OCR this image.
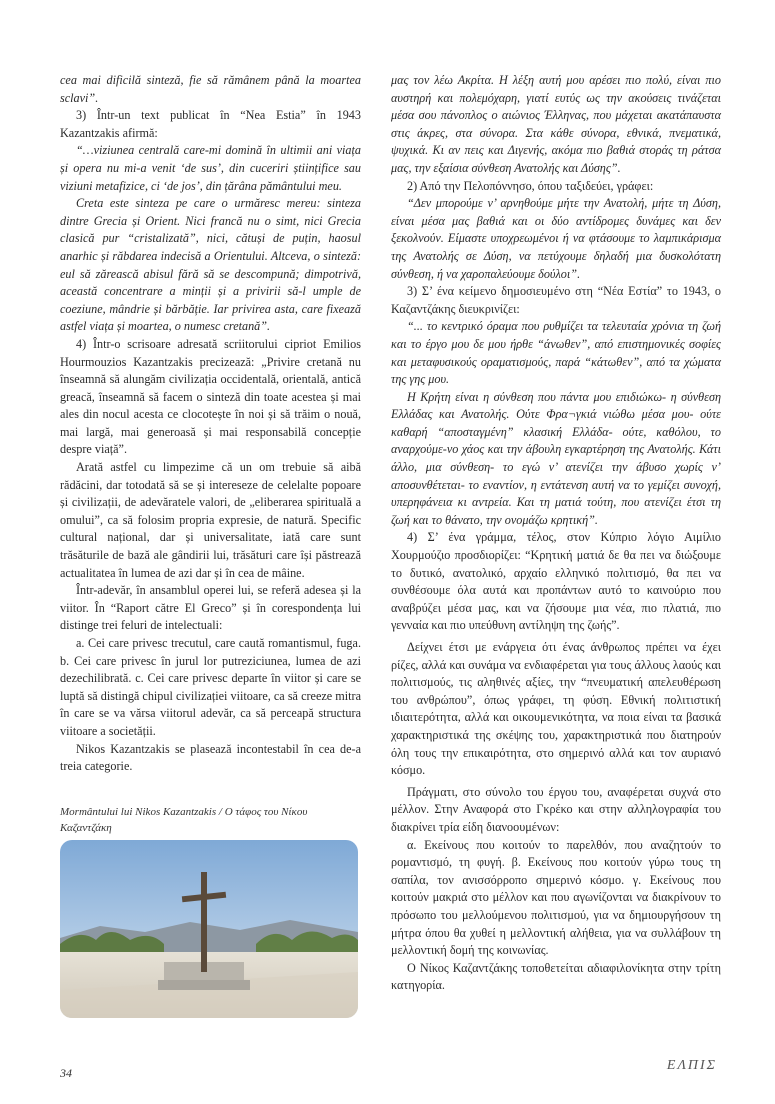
cea mai dificilă sinteză, fie să rămânem până la moartea sclavi”.

3) Într-un text publicat în “Nea Estia” în 1943 Kazantzakis afirmă:

“…viziunea centrală care-mi domină în ultimii ani viața și opera nu mi-a venit ‘de sus’, din cuceriri științifice sau viziuni metafizice, ci ‘de jos’, din țărâna pământului meu.

Creta este sinteza pe care o urmăresc mereu: sinteza dintre Grecia și Orient. Nici francă nu o simt, nici Grecia clasică pur “cristalizată”, nici, cătuși de puțin, haosul anarhic și răbdarea indecisă a Orientului. Altceva, o sinteză: eul să zărească abisul fără să se descompună; dimpotrivă, această concentrare a minții și a privirii să-l umple de coeziune, mândrie și bărbăție. Iar privirea asta, care fixează astfel viața și moartea, o numesc cretană”.

4) Într-o scrisoare adresată scriitorului cipriot Emilios Hourmouzios Kazantzakis precizează: „Privire cretană nu înseamnă să alungăm civilizația occidentală, orientală, antică greacă, înseamnă să facem o sinteză din toate acestea și mai ales din nocul acesta ce clocotește în noi și să trăim o nouă, mai largă, mai generoasă și mai responsabilă concepție despre viață”.

Arată astfel cu limpezime că un om trebuie să aibă rădăcini, dar totodată să se și intereseze de celelalte popoare și civilizații, de adevăratele valori, de „eliberarea spirituală a omului”, ca să folosim propria expresie, de natură. Specific cultural național, dar și universalitate, iată care sunt trăsăturile de bază ale gândirii lui, trăsături care își păstrează actualitatea în lumea de azi dar și în cea de mâine.

Într-adevăr, în ansamblul operei lui, se referă adesea și la viitor. În “Raport către El Greco” și în corespondența lui distinge trei feluri de intelectuali:

a. Cei care privesc trecutul, care caută romantismul, fuga. b. Cei care privesc în jurul lor putreziciunea, lumea de azi dezechilibrată. c. Cei care privesc departe în viitor și care se luptă să distingă chipul civilizației viitoare, ca să creeze mitra în care se va vărsa viitorul adevăr, ca să perceapă structura viitoare a societății.

Nikos Kazantzakis se plasează incontestabil în cea de-a treia categorie.

Mormântului lui Nikos Kazantzakis / Ο τάφος του Νίκου Καζαντζάκη

μας τον λέω Ακρίτα. Η λέξη αυτή μου αρέσει πιο πολύ, είναι πιο αυστηρή και πολεμόχαρη, γιατί ευτύς ως την ακούσεις τινάζεται μέσα σου πάνοπλος ο αιώνιος Έλληνας, που μάχεται ακατάπαυστα στις άκρες, στα σύνορα. Στα κάθε σύνορα, εθνικά, πνεματικά, ψυχικά. Κι αν πεις και Διγενής, ακόμα πιο βαθιά στοράς τη ράτσα μας, την εξαίσια σύνθεση Ανατολής και Δύσης”.

2) Από την Πελοπόννησο, όπου ταξιδεύει, γράφει:

“Δεν μπορούμε ν’ αρνηθούμε μήτε την Ανατολή, μήτε τη Δύση, είναι μέσα μας βαθιά και οι δύο αντίδρομες δυνάμες και δεν ξεκολνούν. Είμαστε υποχρεωμένοι ή να φτάσουμε το λαμπικάρισμα της Ανατολής σε Δύση, να πετύχουμε δηλαδή μια δυσκολότατη σύνθεση, ή να χαροπαλεύουμε δούλοι”.

3) Σ’ ένα κείμενο δημοσιευμένο στη “Νέα Εστία” το 1943, ο Καζαντζάκης διευκρινίζει:

“... το κεντρικό όραμα που ρυθμίζει τα τελευταία χρόνια τη ζωή και το έργο μου δε μου ήρθε “άνωθεν”, από επιστημονικές σοφίες και μεταφυσικούς οραματισμούς, παρά “κάτωθεν”, από τα χώματα της γης μου.

Η Κρήτη είναι η σύνθεση που πάντα μου επιδιώκω- η σύνθεση Ελλάδας και Ανατολής. Ούτε Φρα¬γκιά νιώθω μέσα μου- ούτε καθαρή “αποσταγμένη” κλασική Ελλάδα- ούτε, καθόλου, το αναρχούμε-νο χάος και την άβουλη εγκαρτέρηση της Ανατολής. Κάτι άλλο, μια σύνθεση- το εγώ ν’ ατενίζει την άβυσο χωρίς ν’ αποσυνθέτεται- το εναντίον, η εντάτενση αυτή να το γεμίζει συνοχή, υπερηφάνεια κι αντρεία. Και τη ματιά τούτη, που ατενίζει έτσι τη ζωή και το θάνατο, την ονομάζω κρητική”.

4) Σ’ ένα γράμμα, τέλος, στον Κύπριο λόγιο Αιμίλιο Χουρμούζιο προσδιορίζει: “Κρητική ματιά δε θα πει να διώξουμε το δυτικό, ανατολικό, αρχαίο ελληνικό πολιτισμό, θα πει να συνθέσουμε όλα αυτά και προπάντων αυτό το καινούριο που αναβρύζει μέσα μας, και να ζήσουμε μια νέα, πιο πλατιά, πιο γενναία και πιο υπεύθυνη αντίληψη της ζωής”.

Δείχνει έτσι με ενάργεια ότι ένας άνθρωπος πρέπει να έχει ρίζες, αλλά και συνάμα να ενδιαφέρεται για τους άλλους λαούς και πολιτισμούς, τις αληθινές αξίες, την “πνευματική απελευθέρωση του ανθρώπου”, όπως γράφει, τη φύση. Εθνική πολιτιστική ιδιαιτερότητα, αλλά και οικουμενικότητα, να ποια είναι τα βασικά χαρακτηριστικά της σκέψης του, χαρακτηριστικά που διατηρούν όλη τους την επικαιρότητα, στο σημερινό αλλά και τον αυριανό κόσμο.

Πράγματι, στο σύνολο του έργου του, αναφέρεται συχνά στο μέλλον. Στην Αναφορά στο Γκρέκο και στην αλληλογραφία του διακρίνει τρία είδη διανοουμένων:

α. Εκείνους που κοιτούν το παρελθόν, που αναζητούν το ρομαντισμό, τη φυγή. β. Εκείνους που κοιτούν γύρω τους τη σαπίλα, τον ανισσόρροπο σημερινό κόσμο. γ. Εκείνους που κοιτούν μακριά στο μέλλον και που αγωνίζονται να διακρίνουν το πρόσωπο του μελλούμενου πολιτισμού, για να δημιουργήσουν τη μήτρα όπου θα χυθεί η μελλοντική αλήθεια, για να συλλάβουν τη μελλοντική δομή της κοινωνίας.

Ο Νίκος Καζαντζάκης τοποθετείται αδιαφιλονίκητα στην τρίτη κατηγορία.

34	ΕΛΠΙΣ
